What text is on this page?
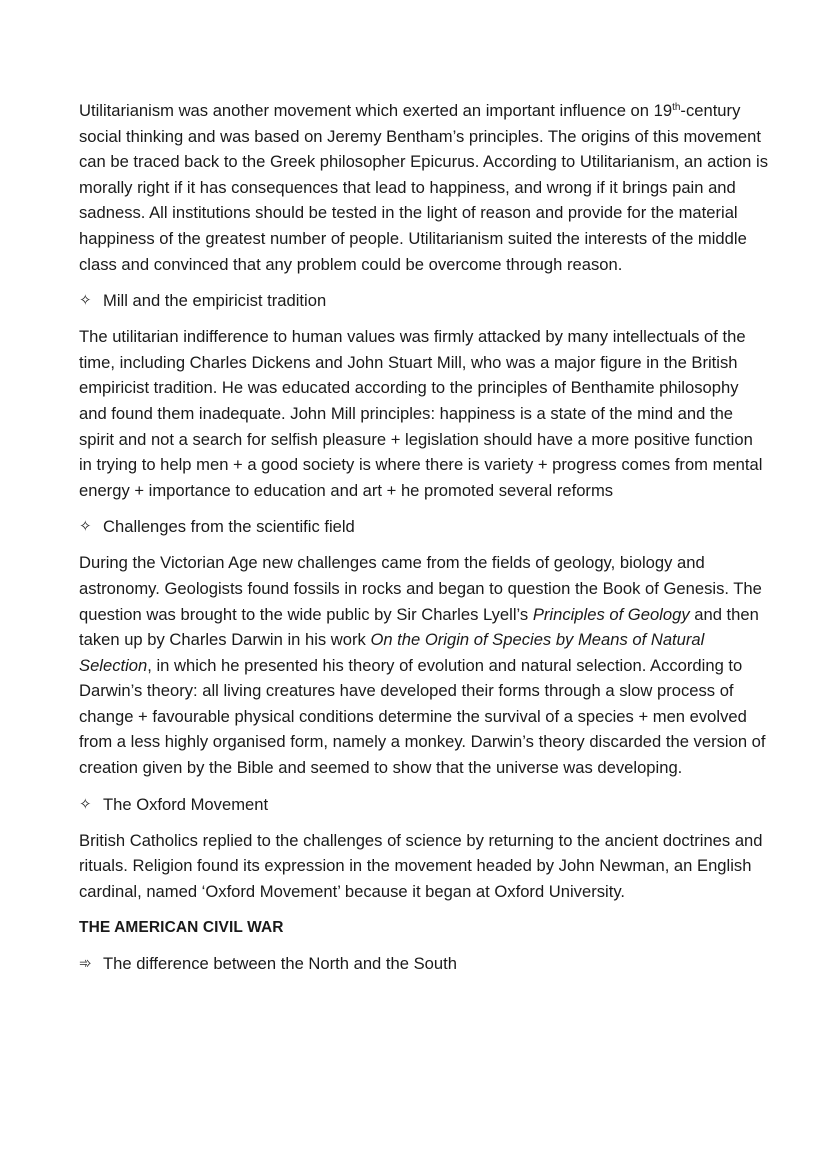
Utilitarianism was another movement which exerted an important influence on 19th-century social thinking and was based on Jeremy Bentham’s principles. The origins of this movement can be traced back to the Greek philosopher Epicurus. According to Utilitarianism, an action is morally right if it has consequences that lead to happiness, and wrong if it brings pain and sadness. All institutions should be tested in the light of reason and provide for the material happiness of the greatest number of people. Utilitarianism suited the interests of the middle class and convinced that any problem could be overcome through reason.

✧ Mill and the empiricist tradition

The utilitarian indifference to human values was firmly attacked by many intellectuals of the time, including Charles Dickens and John Stuart Mill, who was a major figure in the British empiricist tradition. He was educated according to the principles of Benthamite philosophy and found them inadequate. John Mill principles: happiness is a state of the mind and the spirit and not a search for selfish pleasure + legislation should have a more positive function in trying to help men + a good society is where there is variety + progress comes from mental energy + importance to education and art + he promoted several reforms

✧ Challenges from the scientific field

During the Victorian Age new challenges came from the fields of geology, biology and astronomy. Geologists found fossils in rocks and began to question the Book of Genesis. The question was brought to the wide public by Sir Charles Lyell’s Principles of Geology and then taken up by Charles Darwin in his work On the Origin of Species by Means of Natural Selection, in which he presented his theory of evolution and natural selection. According to Darwin’s theory: all living creatures have developed their forms through a slow process of change + favourable physical conditions determine the survival of a species + men evolved from a less highly organised form, namely a monkey. Darwin’s theory discarded the version of creation given by the Bible and seemed to show that the universe was developing.

✧ The Oxford Movement

British Catholics replied to the challenges of science by returning to the ancient doctrines and rituals. Religion found its expression in the movement headed by John Newman, an English cardinal, named ‘Oxford Movement’ because it began at Oxford University.

THE AMERICAN CIVIL WAR
➾ The difference between the North and the South
